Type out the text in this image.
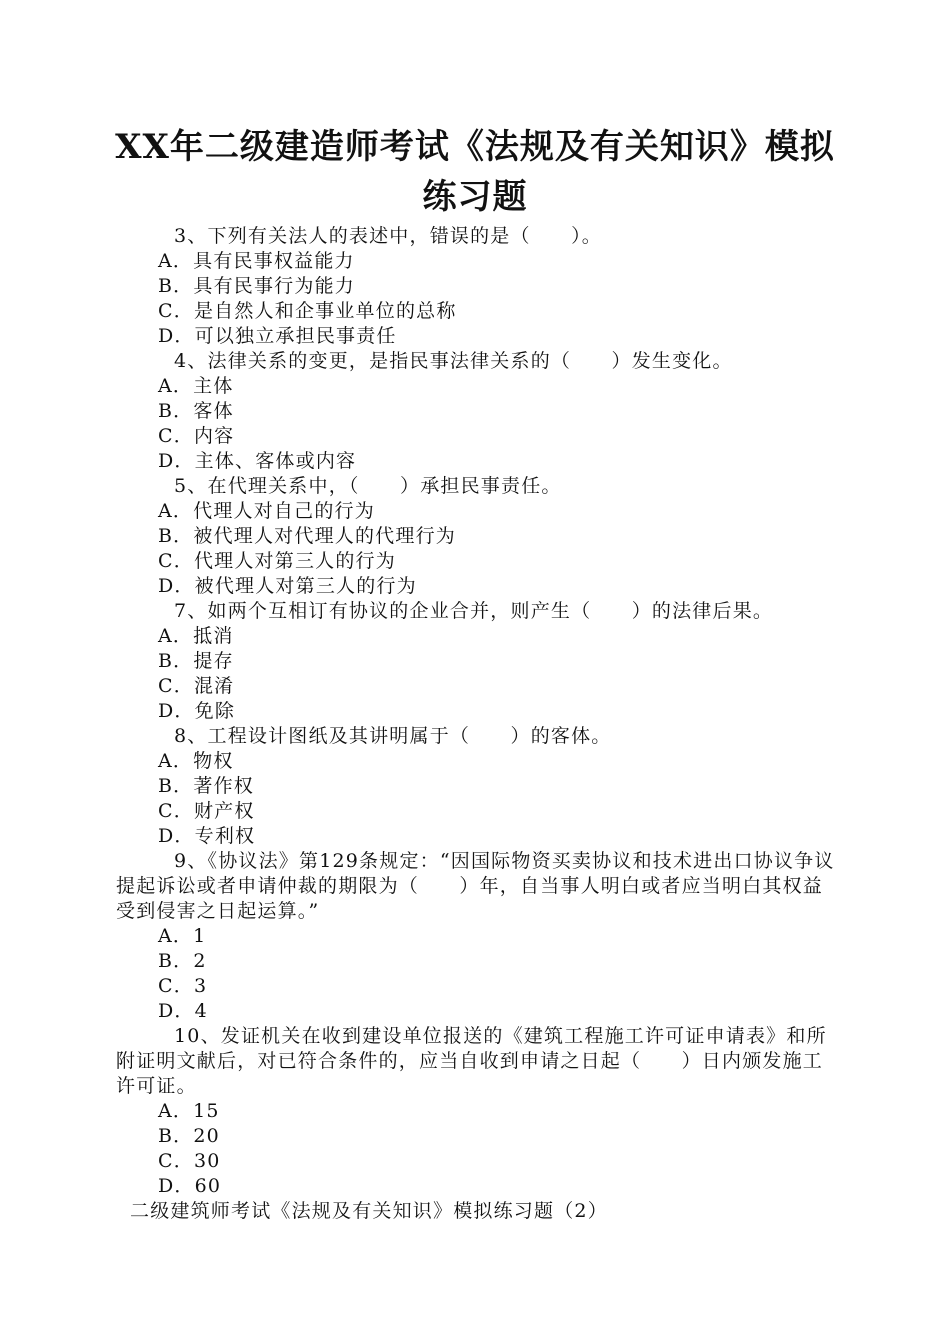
XX年二级建造师考试《法规及有关知识》模拟练习题

3、下列有关法人的表述中，错误的是（　　）。

A．具有民事权益能力

B．具有民事行为能力

C．是自然人和企事业单位的总称

D．可以独立承担民事责任

4、法律关系的变更，是指民事法律关系的（　　）发生变化。

A．主体

B．客体

C．内容

D．主体、客体或内容

5、在代理关系中，（　　）承担民事责任。

A．代理人对自己的行为

B．被代理人对代理人的代理行为

C．代理人对第三人的行为

D．被代理人对第三人的行为

7、如两个互相订有协议的企业合并，则产生（　　）的法律后果。

A．抵消

B．提存

C．混淆

D．免除

8、工程设计图纸及其讲明属于（　　）的客体。

A．物权

B．著作权

C．财产权

D．专利权

9、《协议法》第129条规定：“因国际物资买卖协议和技术进出口协议争议提起诉讼或者申请仲裁的期限为（　　）年，自当事人明白或者应当明白其权益受到侵害之日起运算。”

A．1

B．2

C．3

D．4

10、发证机关在收到建设单位报送的《建筑工程施工许可证申请表》和所附证明文献后，对已符合条件的，应当自收到申请之日起（　　）日内颁发施工许可证。

A．15

B．20

C．30

D．60

二级建筑师考试《法规及有关知识》模拟练习题（2）
